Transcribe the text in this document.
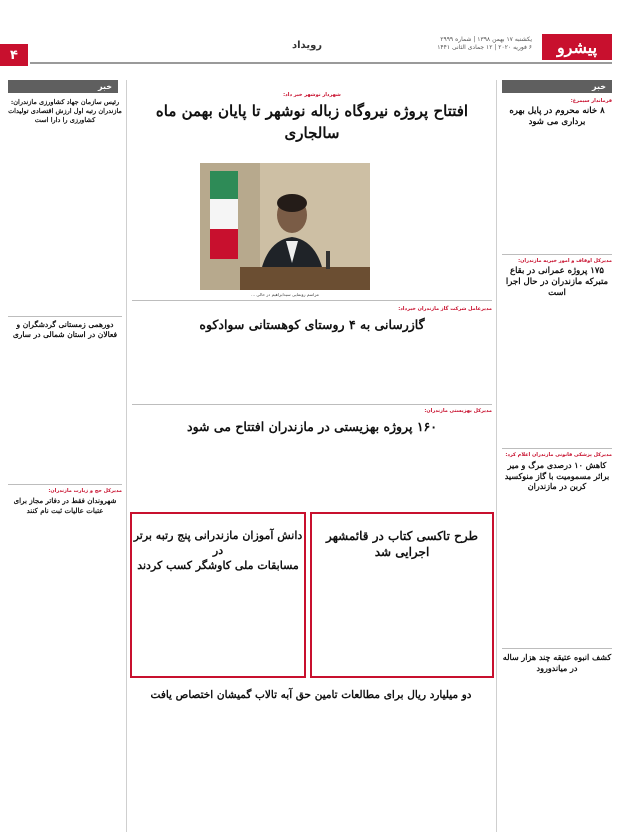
پیشرو
یکشنبه ۱۷ بهمن ۱۳۹۸ | شماره ۲۹۹۹
۶ فوریه ۲۰۲۰ | ۱۲ جمادی الثانی ۱۴۴۱
رویداد
۴
خبر
خبر
فرماندار سیمرغ:
۸ خانه محروم در پایل بهره برداری می شود
مدیرکل اوقاف و امور خیریه مازندران:
۱۷۵ پروژه عمرانی در بقاع متبرکه مازندران در حال اجرا است
مدیرکل پزشکی قانونی مازندران اعلام کرد:
کاهش ۱۰ درصدی مرگ و میر براثر مسمومیت با گاز منوکسید کربن در مازندران
کشف انبوه عتیقه چند هزار ساله در میاندورود
شهردار نوشهر خبر داد:
افتتاح پروژه نیروگاه زباله نوشهر تا پایان بهمن ماه
سالجاری
مراسم رونمایی سیدابراهیم در حالی ...
مدیرعامل شرکت گاز مازندران خبرداد:
گازرسانی به ۴ روستای کوهستانی سوادکوه
مدیرکل بهزیستی مازندران:
۱۶۰ پروژه بهزیستی در مازندران افتتاح می شود
طرح تاکسی کتاب در قائمشهر
اجرایی شد
دانش آموزان مازندرانی پنج رتبه برتر در
مسابقات ملی کاوشگر کسب کردند
دو میلیارد ریال برای مطالعات تامین حق آبه تالاب گمیشان اختصاص یافت
رئیس سازمان جهاد کشاورزی مازندران: مازندران رتبه اول ارزش اقتصادی تولیدات کشاورزی را دارا است
دورهمی زمستانی گردشگران و فعالان در استان شمالی در ساری
مدیرکل حج و زیارت مازندران:
شهروندان فقط در دفاتر مجاز برای عتبات عالیات ثبت نام کنند
